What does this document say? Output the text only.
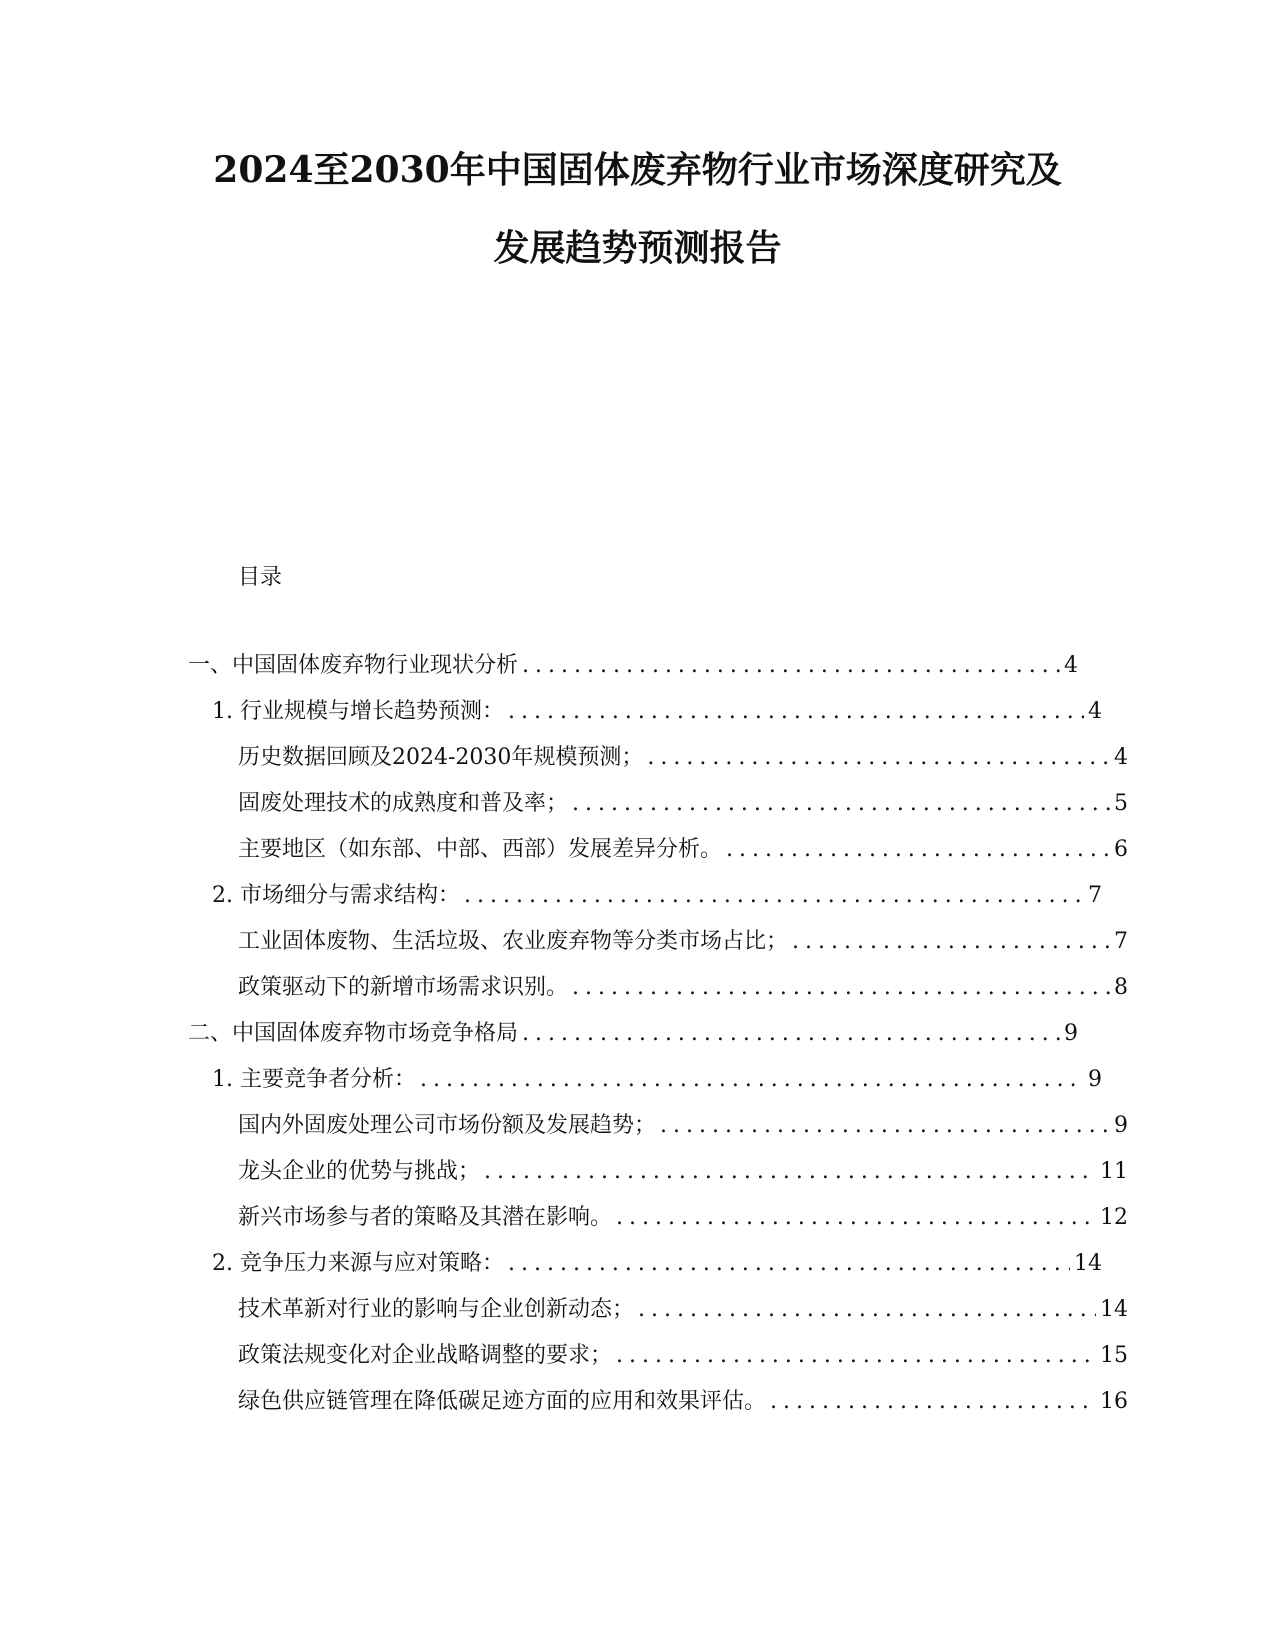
2024至2030年中国固体废弃物行业市场深度研究及
发展趋势预测报告
目录
一、中国固体废弃物行业现状分析 .....	4
1. 行业规模与增长趋势预测： .....	4
历史数据回顾及2024-2030年规模预测； .....	4
固废处理技术的成熟度和普及率； .....	5
主要地区（如东部、中部、西部）发展差异分析。 .....	6
2. 市场细分与需求结构： .....	7
工业固体废物、生活垃圾、农业废弃物等分类市场占比； .....	7
政策驱动下的新增市场需求识别。 .....	8
二、中国固体废弃物市场竞争格局 .....	9
1. 主要竞争者分析： .....	9
国内外固废处理公司市场份额及发展趋势； .....	9
龙头企业的优势与挑战； .....	11
新兴市场参与者的策略及其潜在影响。 .....	12
2. 竞争压力来源与应对策略： .....	14
技术革新对行业的影响与企业创新动态； .....	14
政策法规变化对企业战略调整的要求； .....	15
绿色供应链管理在降低碳足迹方面的应用和效果评估。 .....	16
